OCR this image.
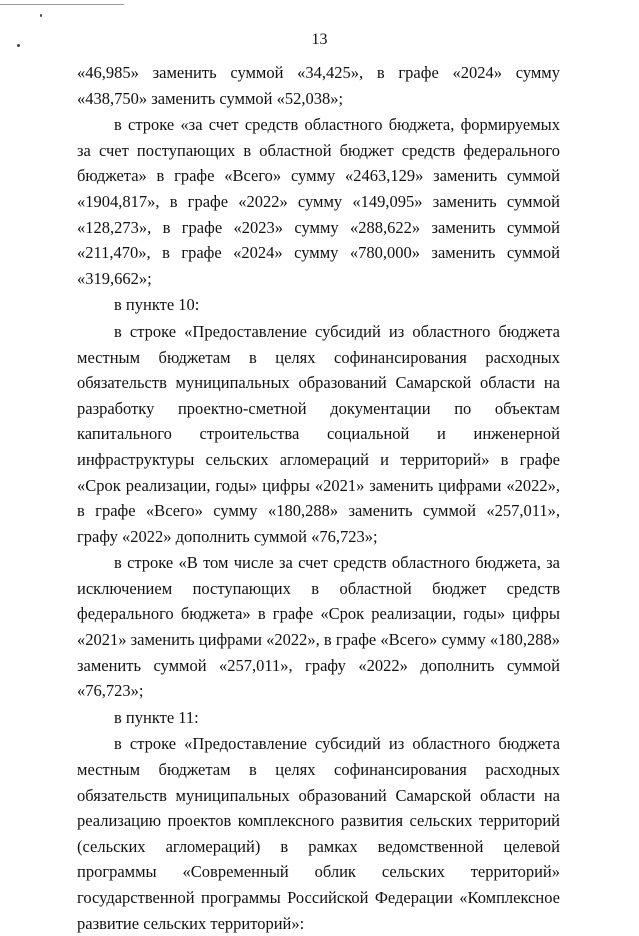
13

«46,985» заменить суммой «34,425», в графе «2024» сумму «438,750» заменить суммой «52,038»;

в строке «за счет средств областного бюджета, формируемых за счет поступающих в областной бюджет средств федерального бюджета» в графе «Всего» сумму «2463,129» заменить суммой «1904,817», в графе «2022» сумму «149,095» заменить суммой «128,273», в графе «2023» сумму «288,622» заменить суммой «211,470», в графе «2024» сумму «780,000» заменить суммой «319,662»;

в пункте 10:

в строке «Предоставление субсидий из областного бюджета местным бюджетам в целях софинансирования расходных обязательств муниципальных образований Самарской области на разработку проектно-сметной документации по объектам капитального строительства социальной и инженерной инфраструктуры сельских агломераций и территорий» в графе «Срок реализации, годы» цифры «2021» заменить цифрами «2022», в графе «Всего» сумму «180,288» заменить суммой «257,011», графу «2022» дополнить суммой «76,723»;

в строке «В том числе за счет средств областного бюджета, за исключением поступающих в областной бюджет средств федерального бюджета» в графе «Срок реализации, годы» цифры «2021» заменить цифрами «2022», в графе «Всего» сумму «180,288» заменить суммой «257,011», графу «2022» дополнить суммой «76,723»;

в пункте 11:

в строке «Предоставление субсидий из областного бюджета местным бюджетам в целях софинансирования расходных обязательств муниципальных образований Самарской области на реализацию проектов комплексного развития сельских территорий (сельских агломераций) в рамках ведомственной целевой программы «Современный облик сельских территорий» государственной программы Российской Федерации «Комплексное развитие сельских территорий»:
